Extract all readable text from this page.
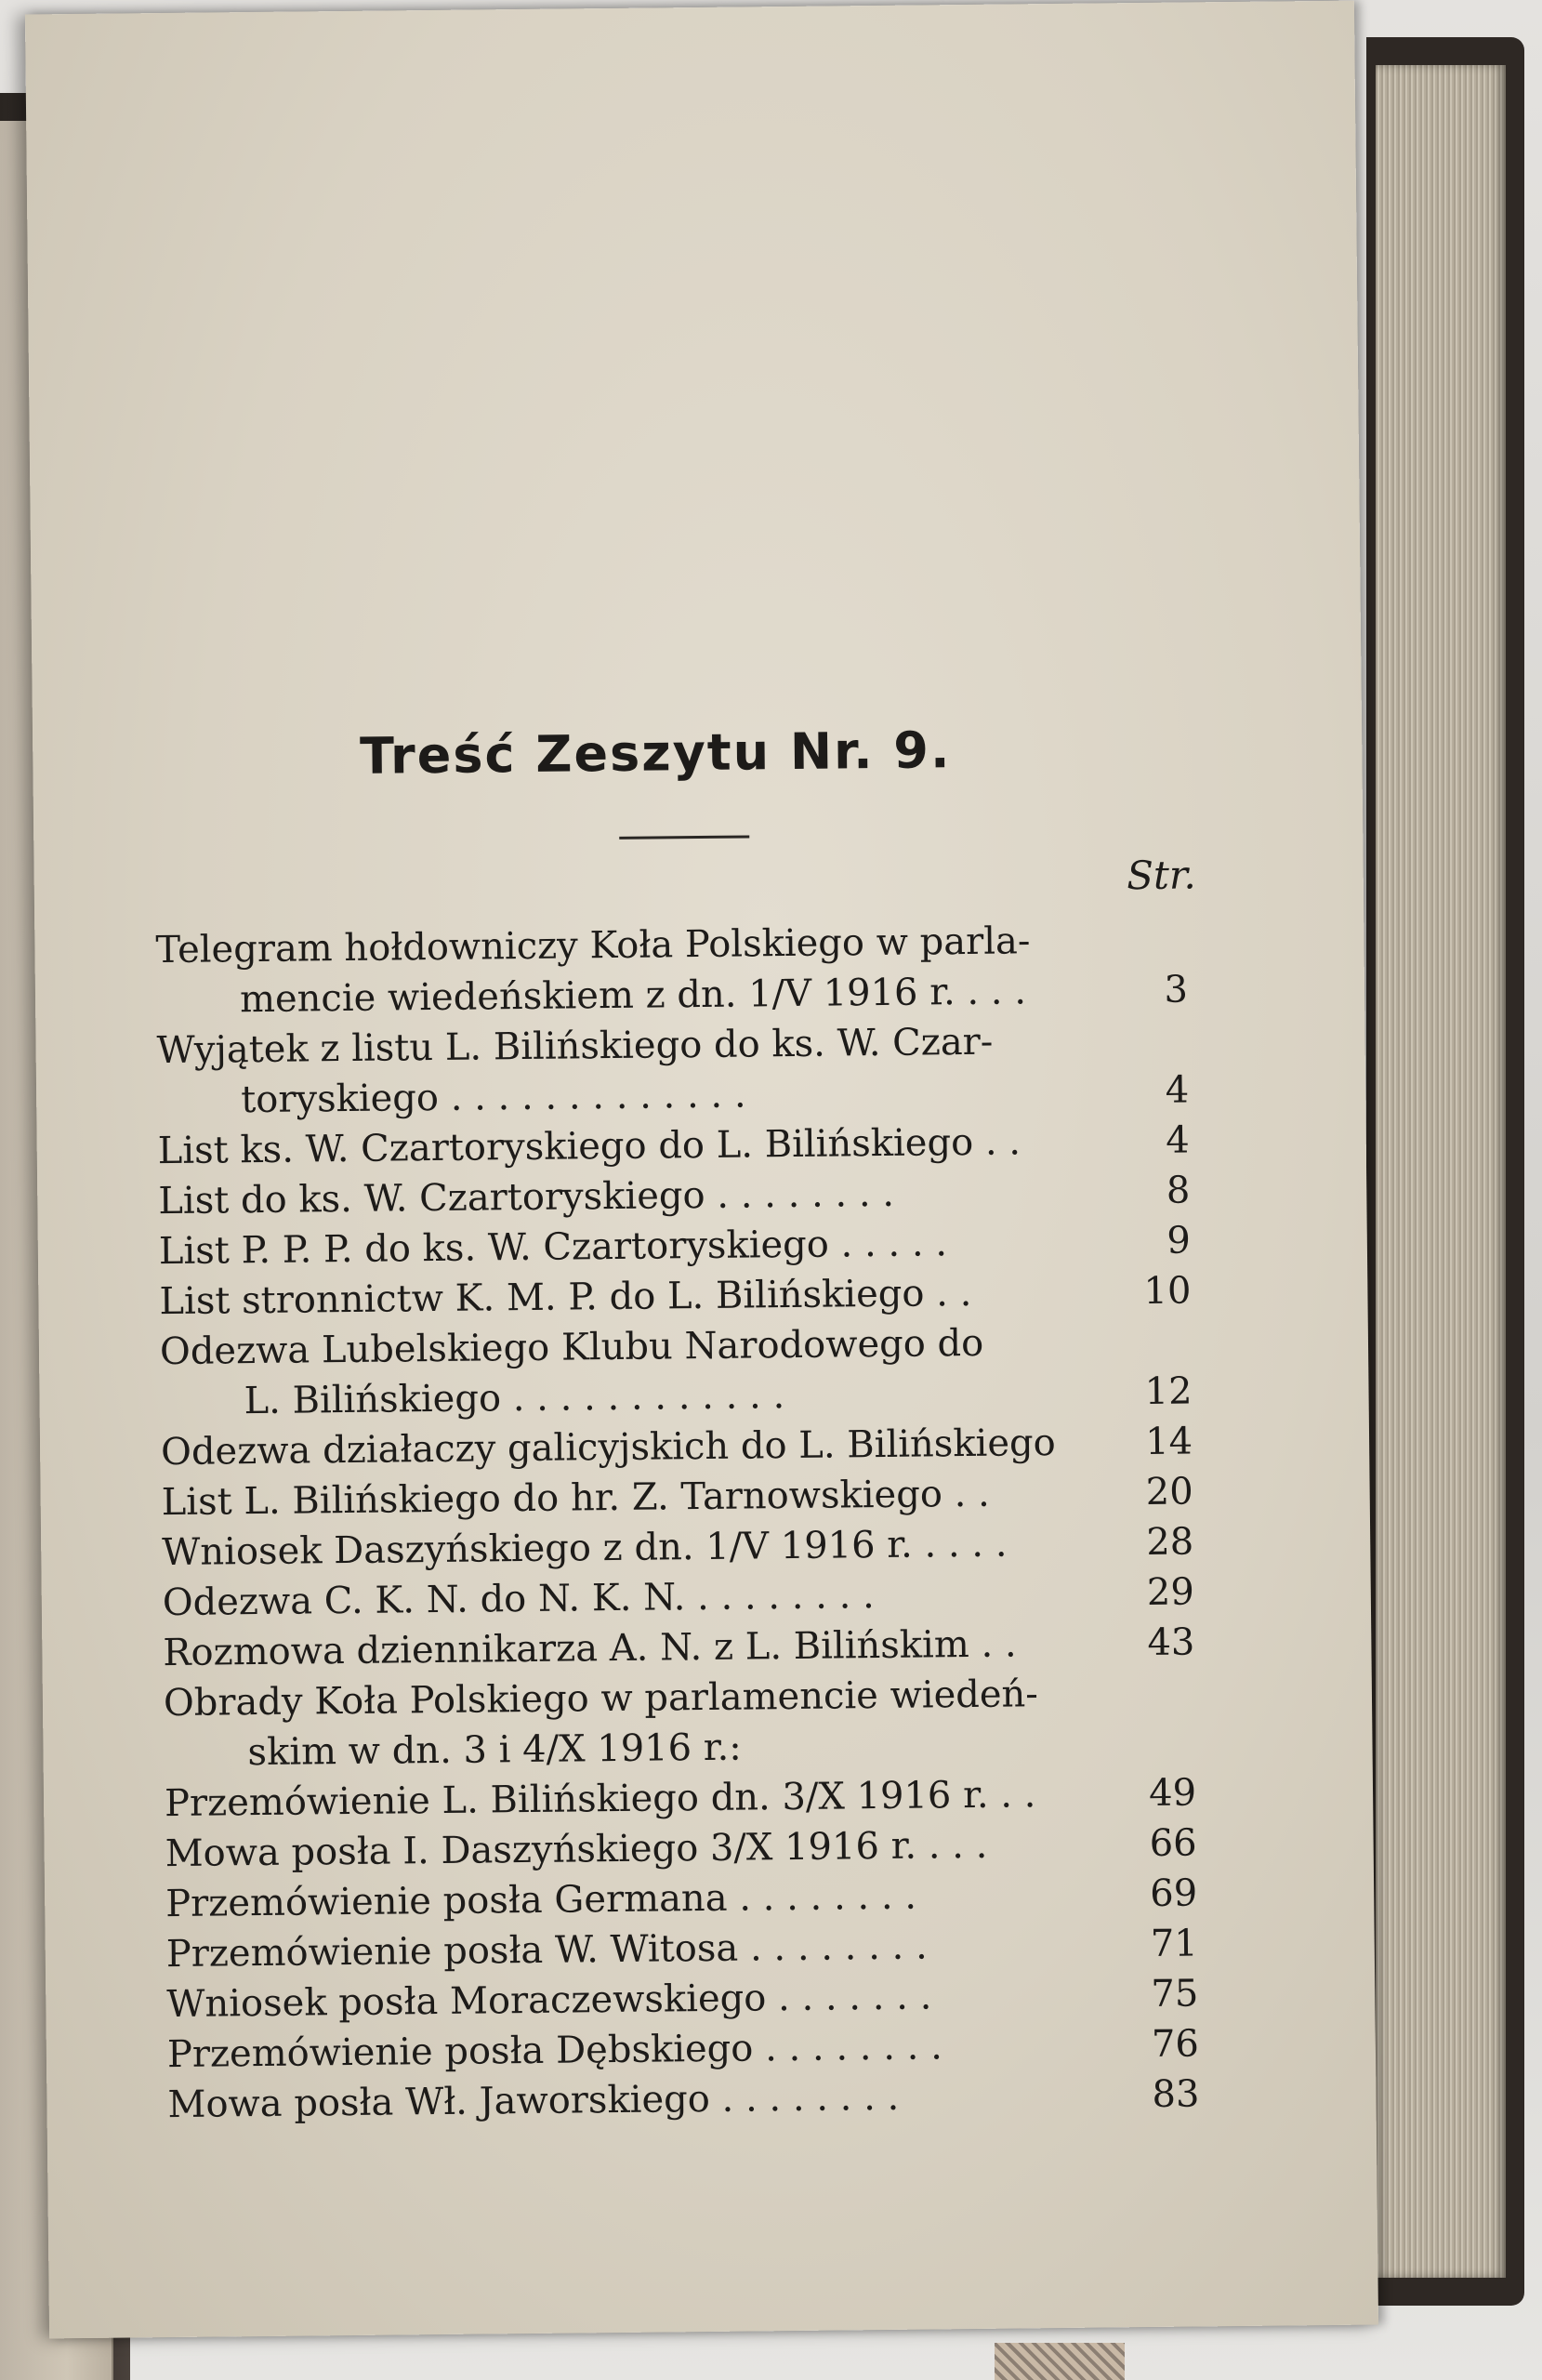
Treść Zeszytu Nr. 9.
Str.
Telegram hołdowniczy Koła Polskiego w parla-
mencie wiedeńskiem z dn. 1/V 1916 r. . . .	3
Wyjątek z listu L. Bilińskiego do ks. W. Czar-
toryskiego . . . . . . . . . . . . .	4
List ks. W. Czartoryskiego do L. Bilińskiego . .	4
List do ks. W. Czartoryskiego . . . . . . . .	8
List P. P. P. do ks. W. Czartoryskiego . . . . .	9
List stronnictw K. M. P. do L. Bilińskiego . .	10
Odezwa Lubelskiego Klubu Narodowego do
L. Bilińskiego . . . . . . . . . . . .	12
Odezwa działaczy galicyjskich do L. Bilińskiego	14
List L. Bilińskiego do hr. Z. Tarnowskiego . .	20
Wniosek Daszyńskiego z dn. 1/V 1916 r. . . . .	28
Odezwa C. K. N. do N. K. N. . . . . . . . .	29
Rozmowa dziennikarza A. N. z L. Bilińskim . .	43
Obrady Koła Polskiego w parlamencie wiedeń-
skim w dn. 3 i 4/X 1916 r.:
Przemówienie L. Bilińskiego dn. 3/X 1916 r. . .	49
Mowa posła I. Daszyńskiego 3/X 1916 r. . . .	66
Przemówienie posła Germana . . . . . . . .	69
Przemówienie posła W. Witosa . . . . . . . .	71
Wniosek posła Moraczewskiego . . . . . . .	75
Przemówienie posła Dębskiego . . . . . . . .	76
Mowa posła Wł. Jaworskiego . . . . . . . .	83
